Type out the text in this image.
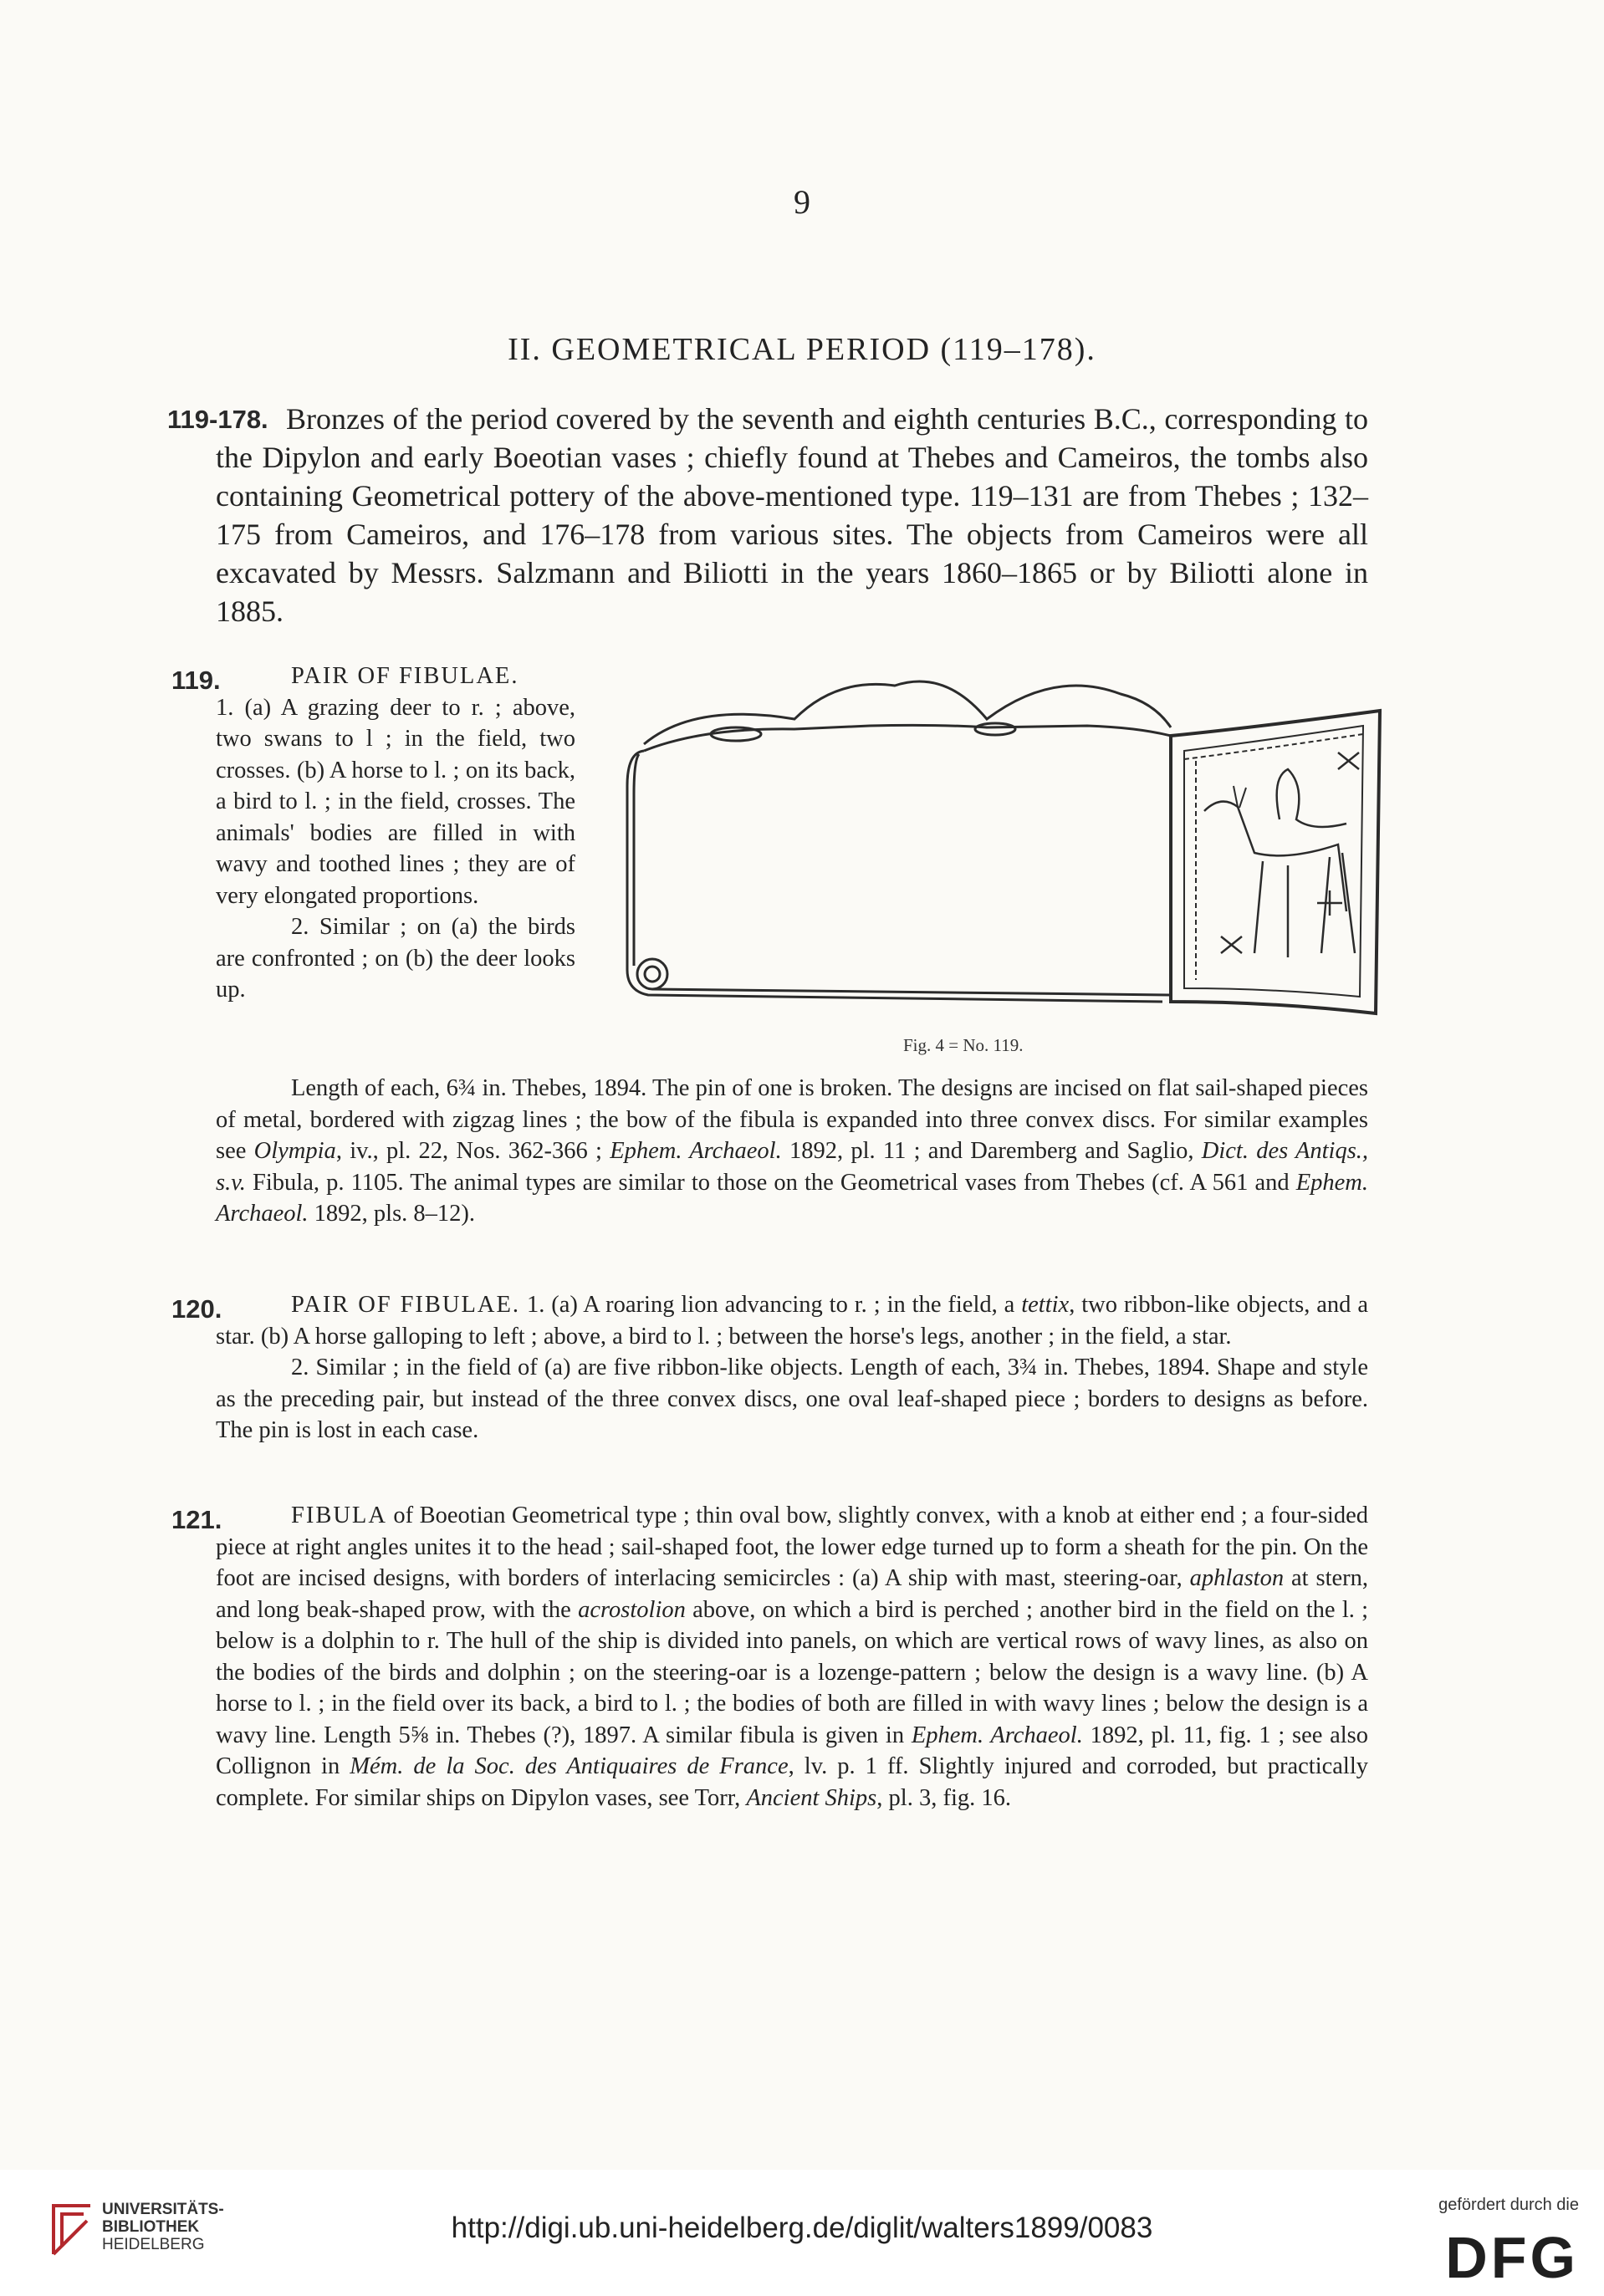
9
II. GEOMETRICAL PERIOD (119–178).
119-178. Bronzes of the period covered by the seventh and eighth centuries B.C., corresponding to the Dipylon and early Boeotian vases ; chiefly found at Thebes and Cameiros, the tombs also containing Geometrical pottery of the above-mentioned type. 119–131 are from Thebes ; 132–175 from Cameiros, and 176–178 from various sites. The objects from Cameiros were all excavated by Messrs. Salzmann and Biliotti in the years 1860–1865 or by Biliotti alone in 1885.

119.	PAIR OF FIBULAE.

1. (a) A grazing deer to r. ; above, two swans to l ; in the field, two crosses. (b) A horse to l. ; on its back, a bird to l. ; in the field, crosses. The animals' bodies are filled in with wavy and toothed lines ; they are of very elongated proportions.

2. Similar ; on (a) the birds are confronted ; on (b) the deer looks up.

Fig. 4 = No. 119.

Length of each, 6¾ in. Thebes, 1894. The pin of one is broken. The designs are incised on flat sail-shaped pieces of metal, bordered with zigzag lines ; the bow of the fibula is expanded into three convex discs. For similar examples see Olympia, iv., pl. 22, Nos. 362-366 ; Ephem. Archaeol. 1892, pl. 11 ; and Daremberg and Saglio, Dict. des Antiqs., s.v. Fibula, p. 1105. The animal types are similar to those on the Geometrical vases from Thebes (cf. A 561 and Ephem. Archaeol. 1892, pls. 8–12).

120.	PAIR OF FIBULAE. 1. (a) A roaring lion advancing to r. ; in the field, a tettix, two ribbon-like objects, and a star. (b) A horse galloping to left ; above, a bird to l. ; between the horse's legs, another ; in the field, a star.

2. Similar ; in the field of (a) are five ribbon-like objects. Length of each, 3¾ in. Thebes, 1894. Shape and style as the preceding pair, but instead of the three convex discs, one oval leaf-shaped piece ; borders to designs as before. The pin is lost in each case.

121.	FIBULA of Boeotian Geometrical type ; thin oval bow, slightly convex, with a knob at either end ; a four-sided piece at right angles unites it to the head ; sail-shaped foot, the lower edge turned up to form a sheath for the pin. On the foot are incised designs, with borders of interlacing semicircles : (a) A ship with mast, steering-oar, aphlaston at stern, and long beak-shaped prow, with the acrostolion above, on which a bird is perched ; another bird in the field on the l. ; below is a dolphin to r. The hull of the ship is divided into panels, on which are vertical rows of wavy lines, as also on the bodies of the birds and dolphin ; on the steering-oar is a lozenge-pattern ; below the design is a wavy line. (b) A horse to l. ; in the field over its back, a bird to l. ; the bodies of both are filled in with wavy lines ; below the design is a wavy line. Length 5⅝ in. Thebes (?), 1897. A similar fibula is given in Ephem. Archaeol. 1892, pl. 11, fig. 1 ; see also Collignon in Mém. de la Soc. des Antiquaires de France, lv. p. 1 ff. Slightly injured and corroded, but practically complete. For similar ships on Dipylon vases, see Torr, Ancient Ships, pl. 3, fig. 16.

UNIVERSITÄTS-
BIBLIOTHEK
HEIDELBERG
http://digi.ub.uni-heidelberg.de/diglit/walters1899/0083
gefördert durch die
DFG
